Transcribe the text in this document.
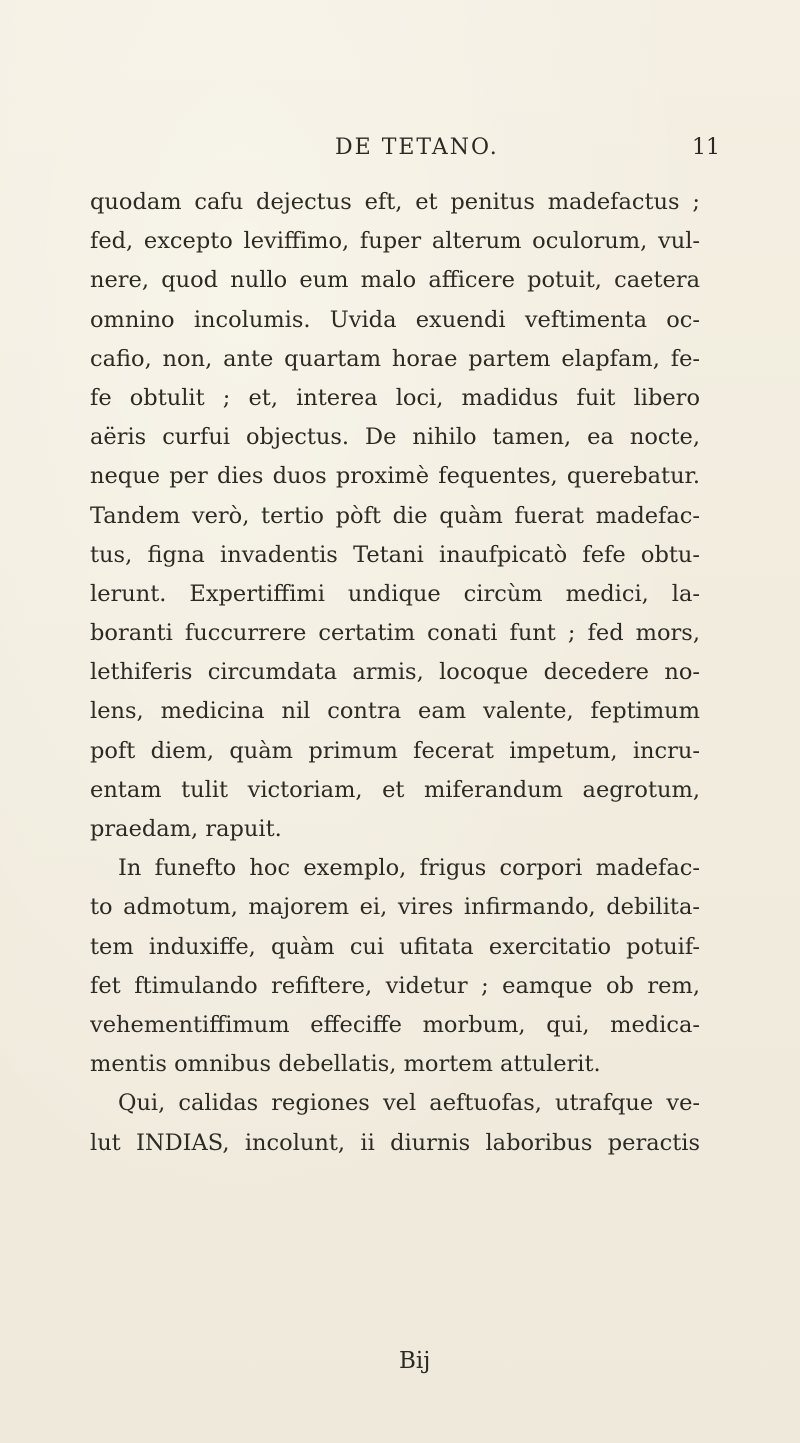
DE TETANO.	11
quodam cafu dejectus eft, et penitus madefactus ;
fed, excepto leviffimo, fuper alterum oculorum, vul-
nere, quod nullo eum malo afficere potuit, caetera
omnino incolumis. Uvida exuendi veftimenta oc-
cafio, non, ante quartam horae partem elapfam, fe-
fe obtulit ; et, interea loci, madidus fuit libero
aëris curfui objectus. De nihilo tamen, ea nocte,
neque per dies duos proximè fequentes, querebatur.
Tandem verò, tertio pòft die quàm fuerat madefac-
tus, figna invadentis Tetani inaufpicatò fefe obtu-
lerunt. Expertiffimi undique circùm medici, la-
boranti fuccurrere certatim conati funt ; fed mors,
lethiferis circumdata armis, locoque decedere no-
lens, medicina nil contra eam valente, feptimum
poft diem, quàm primum fecerat impetum, incru-
entam tulit victoriam, et miferandum aegrotum,
praedam, rapuit.
In funefto hoc exemplo, frigus corpori madefac-
to admotum, majorem ei, vires infirmando, debilita-
tem induxiffe, quàm cui ufitata exercitatio potuif-
fet ftimulando refiftere, videtur ; eamque ob rem,
vehementiffimum effeciffe morbum, qui, medica-
mentis omnibus debellatis, mortem attulerit.
Qui, calidas regiones vel aeftuofas, utrafque ve-
lut INDIAS, incolunt, ii diurnis laboribus peractis
Bij
